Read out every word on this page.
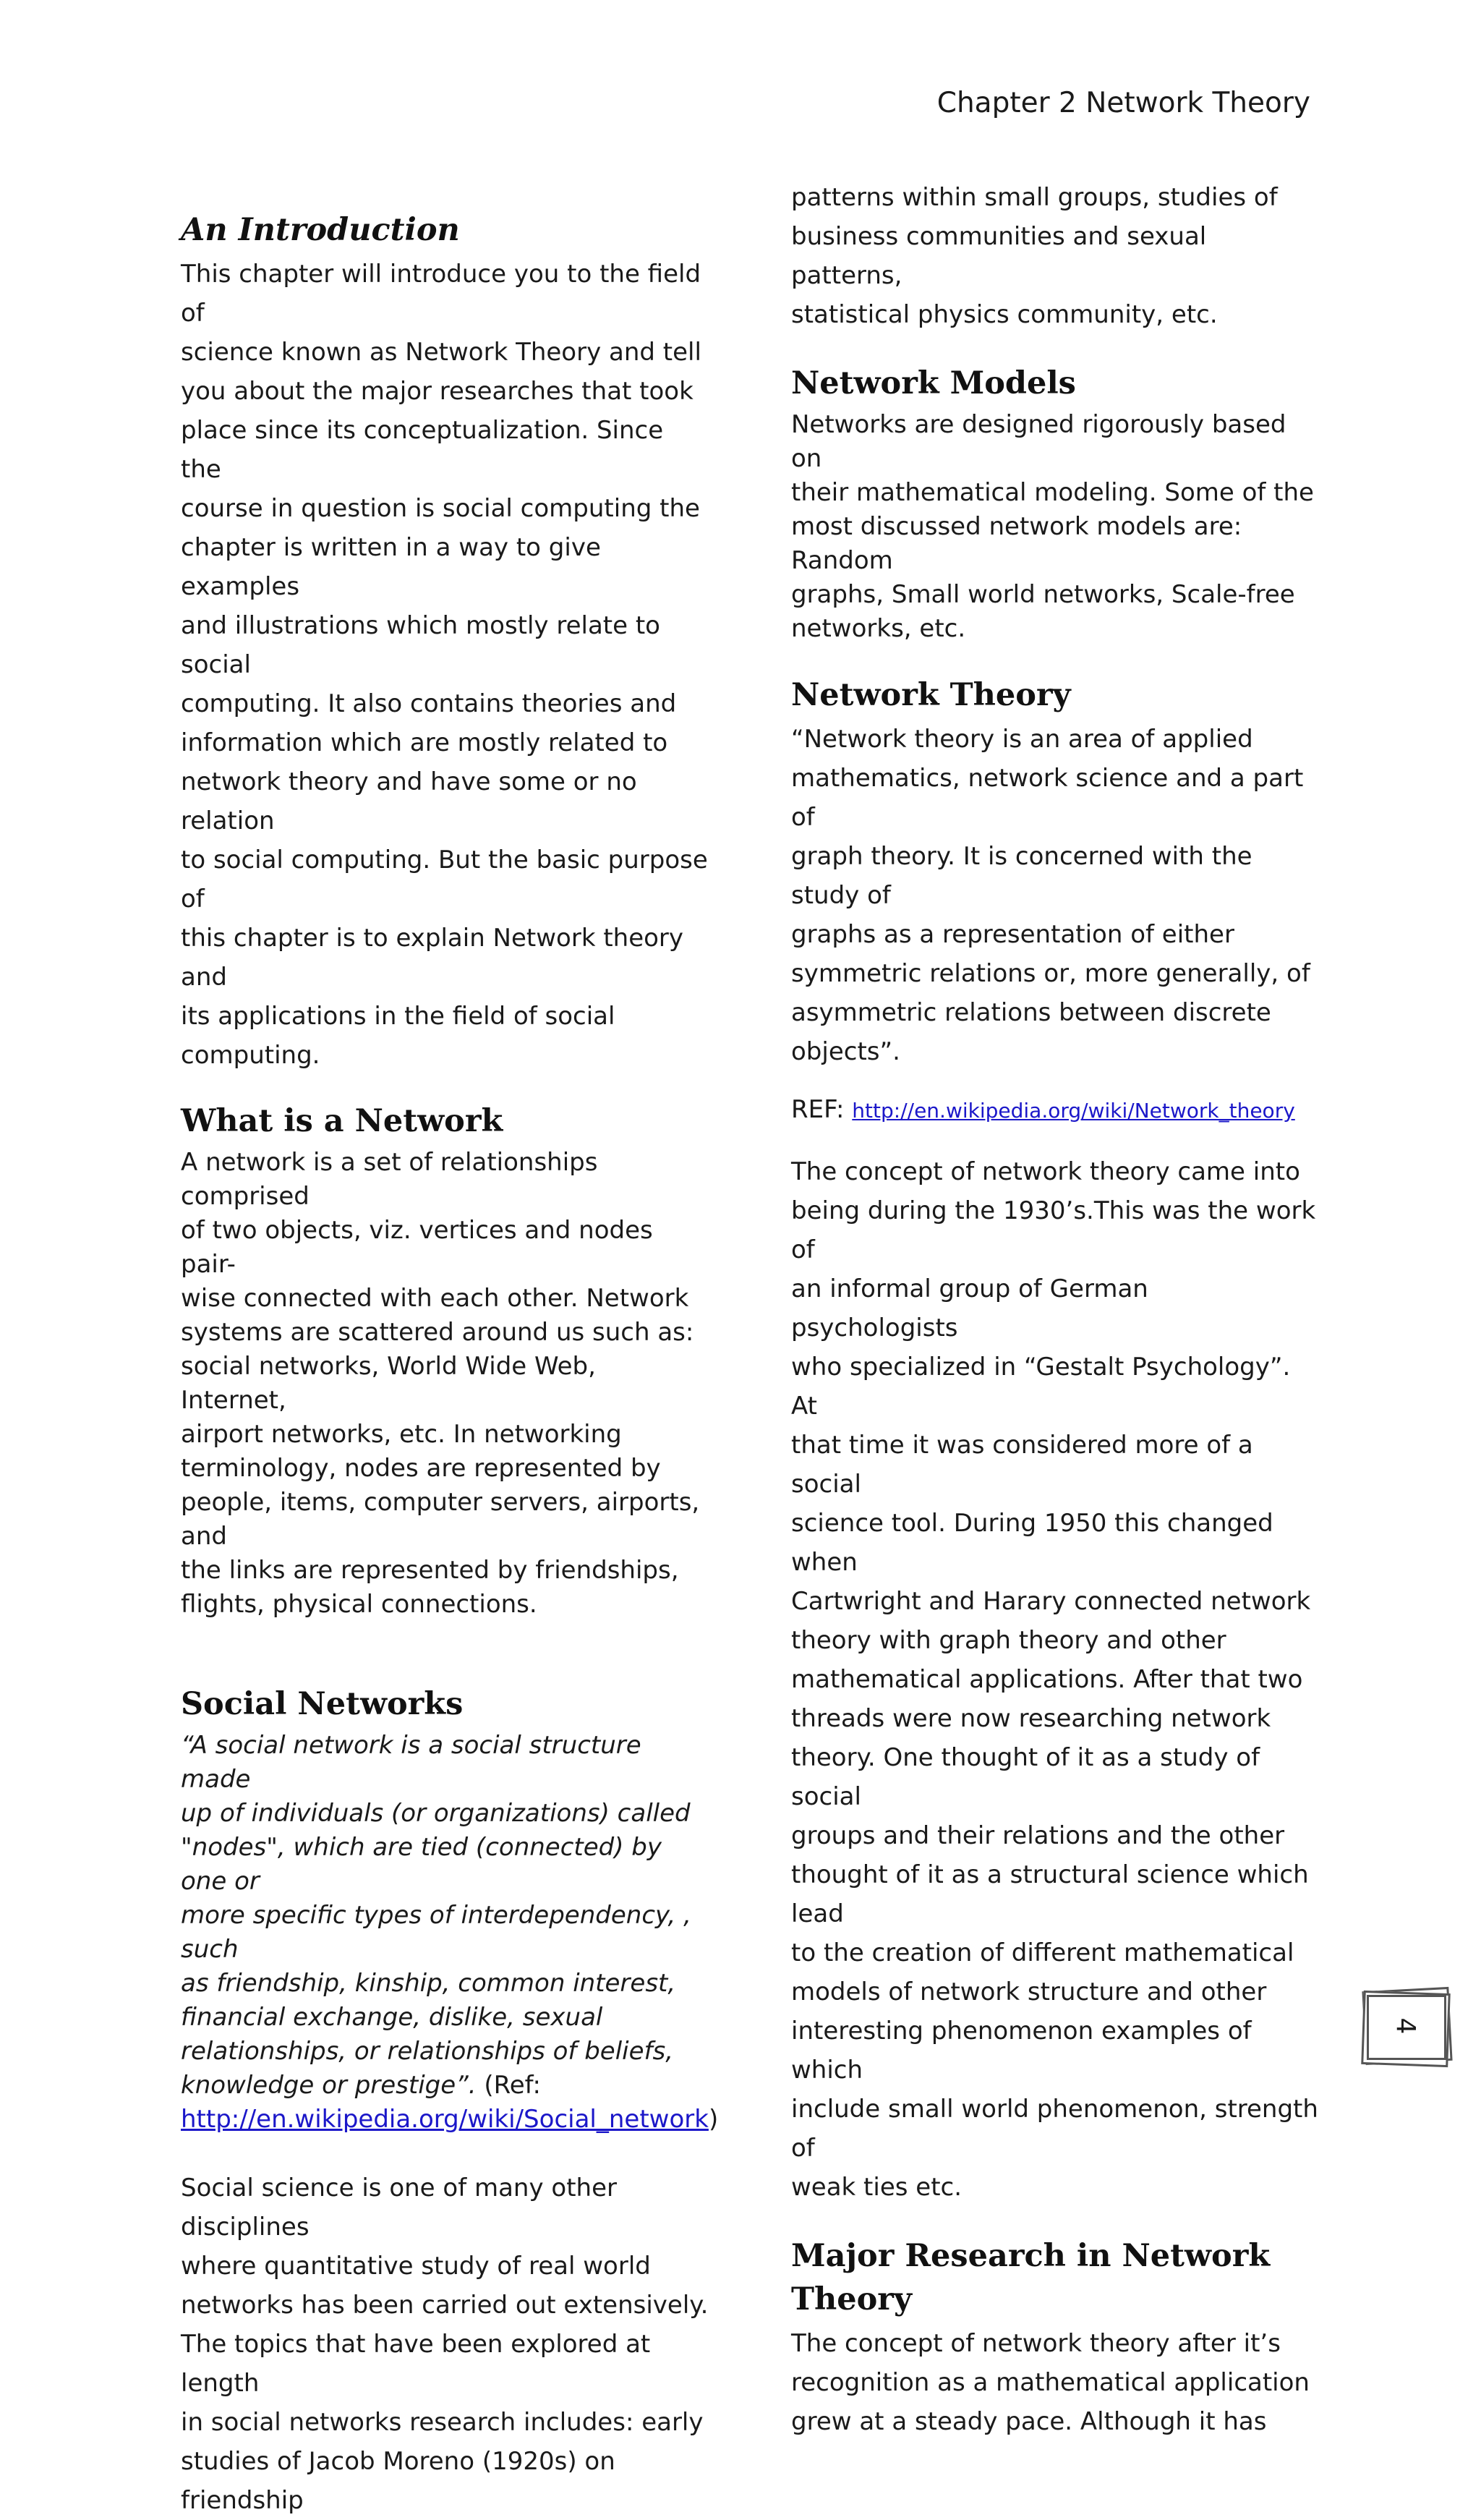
Chapter 2 Network Theory
An Introduction
This chapter will introduce you to the field of
science known as Network Theory and tell
you about the major researches that took
place since its conceptualization. Since the
course in question is social computing the
chapter is written in a way to give examples
and illustrations which mostly relate to social
computing. It also contains theories and
information which are mostly related to
network theory and have some or no relation
to social computing. But the basic purpose of
this chapter is to explain Network theory and
its applications in the field of social
computing.

What is a Network
A network is a set of relationships comprised
of two objects, viz. vertices and nodes pair-
wise connected with each other. Network
systems are scattered around us such as:
social networks, World Wide Web, Internet,
airport networks, etc. In networking
terminology, nodes are represented by
people, items, computer servers, airports, and
the links are represented by friendships,
flights, physical connections.

Social Networks
“A social network is a social structure made
up of individuals (or organizations) called
"nodes", which are tied (connected) by one or
more specific types of interdependency, , such
as friendship, kinship, common interest,
financial exchange, dislike, sexual
relationships, or relationships of beliefs,
knowledge or prestige”. (Ref:
http://en.wikipedia.org/wiki/Social_network)
Social science is one of many other disciplines
where quantitative study of real world
networks has been carried out extensively.
The topics that have been explored at length
in social networks research includes: early
studies of Jacob Moreno (1920s) on friendship

patterns within small groups, studies of
business communities and sexual patterns,
statistical physics community, etc.

Network Models
Networks are designed rigorously based on
their mathematical modeling. Some of the
most discussed network models are: Random
graphs, Small world networks, Scale-free
networks, etc.

Network Theory
“Network theory is an area of applied
mathematics, network science and a part of
graph theory. It is concerned with the study of
graphs as a representation of either
symmetric relations or, more generally, of
asymmetric relations between discrete
objects”.

REF: http://en.wikipedia.org/wiki/Network_theory
The concept of network theory came into
being during the 1930’s.This was the work of
an informal group of German psychologists
who specialized in “Gestalt Psychology”. At
that time it was considered more of a social
science tool. During 1950 this changed when
Cartwright and Harary connected network
theory with graph theory and other
mathematical applications. After that two
threads were now researching network
theory. One thought of it as a study of social
groups and their relations and the other
thought of it as a structural science which lead
to the creation of different mathematical
models of network structure and other
interesting phenomenon examples of which
include small world phenomenon, strength of
weak ties etc.

Major Research in Network
Theory
The concept of network theory after it’s
recognition as a mathematical application
grew at a steady pace. Although it has

4
